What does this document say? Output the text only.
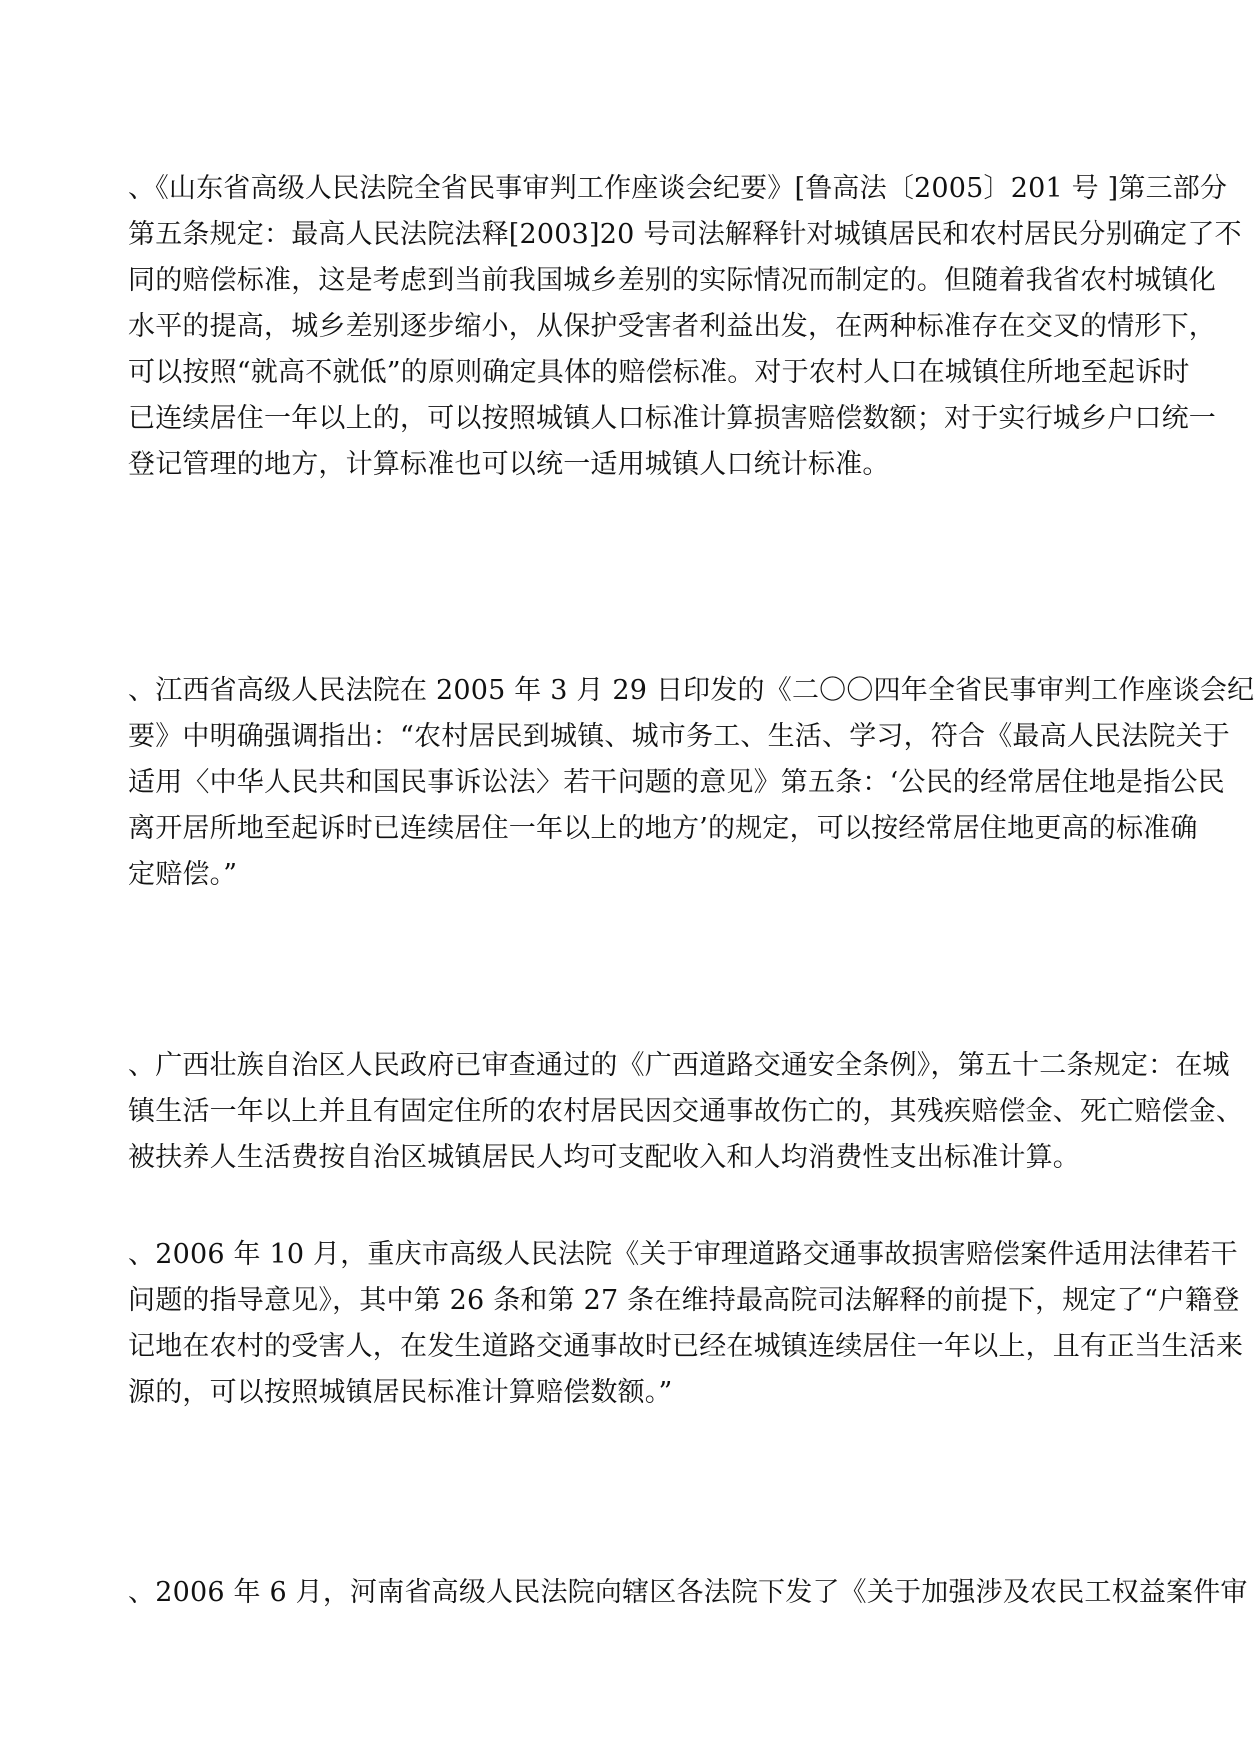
、《山东省高级人民法院全省民事审判工作座谈会纪要》[鲁高法〔2005〕201 号 ]第三部分
第五条规定：最高人民法院法释[2003]20 号司法解释针对城镇居民和农村居民分别确定了不
同的赔偿标准，这是考虑到当前我国城乡差别的实际情况而制定的。但随着我省农村城镇化
水平的提高，城乡差别逐步缩小，从保护受害者利益出发，在两种标准存在交叉的情形下，
可以按照“就高不就低”的原则确定具体的赔偿标准。对于农村人口在城镇住所地至起诉时
已连续居住一年以上的，可以按照城镇人口标准计算损害赔偿数额；对于实行城乡户口统一
登记管理的地方，计算标准也可以统一适用城镇人口统计标准。
、江西省高级人民法院在 2005 年 3 月 29 日印发的《二〇〇四年全省民事审判工作座谈会纪
要》中明确强调指出：“农村居民到城镇、城市务工、生活、学习，符合《最高人民法院关于
适用〈中华人民共和国民事诉讼法〉若干问题的意见》第五条：‘公民的经常居住地是指公民
离开居所地至起诉时已连续居住一年以上的地方’的规定，可以按经常居住地更高的标准确
定赔偿。”
、广西壮族自治区人民政府已审查通过的《广西道路交通安全条例》，第五十二条规定：在城
镇生活一年以上并且有固定住所的农村居民因交通事故伤亡的，其残疾赔偿金、死亡赔偿金、
被扶养人生活费按自治区城镇居民人均可支配收入和人均消费性支出标准计算。
、2006 年 10 月，重庆市高级人民法院《关于审理道路交通事故损害赔偿案件适用法律若干
问题的指导意见》，其中第 26 条和第 27 条在维持最高院司法解释的前提下，规定了“户籍登
记地在农村的受害人，在发生道路交通事故时已经在城镇连续居住一年以上，且有正当生活来
源的，可以按照城镇居民标准计算赔偿数额。”
、2006 年 6 月，河南省高级人民法院向辖区各法院下发了《关于加强涉及农民工权益案件审
